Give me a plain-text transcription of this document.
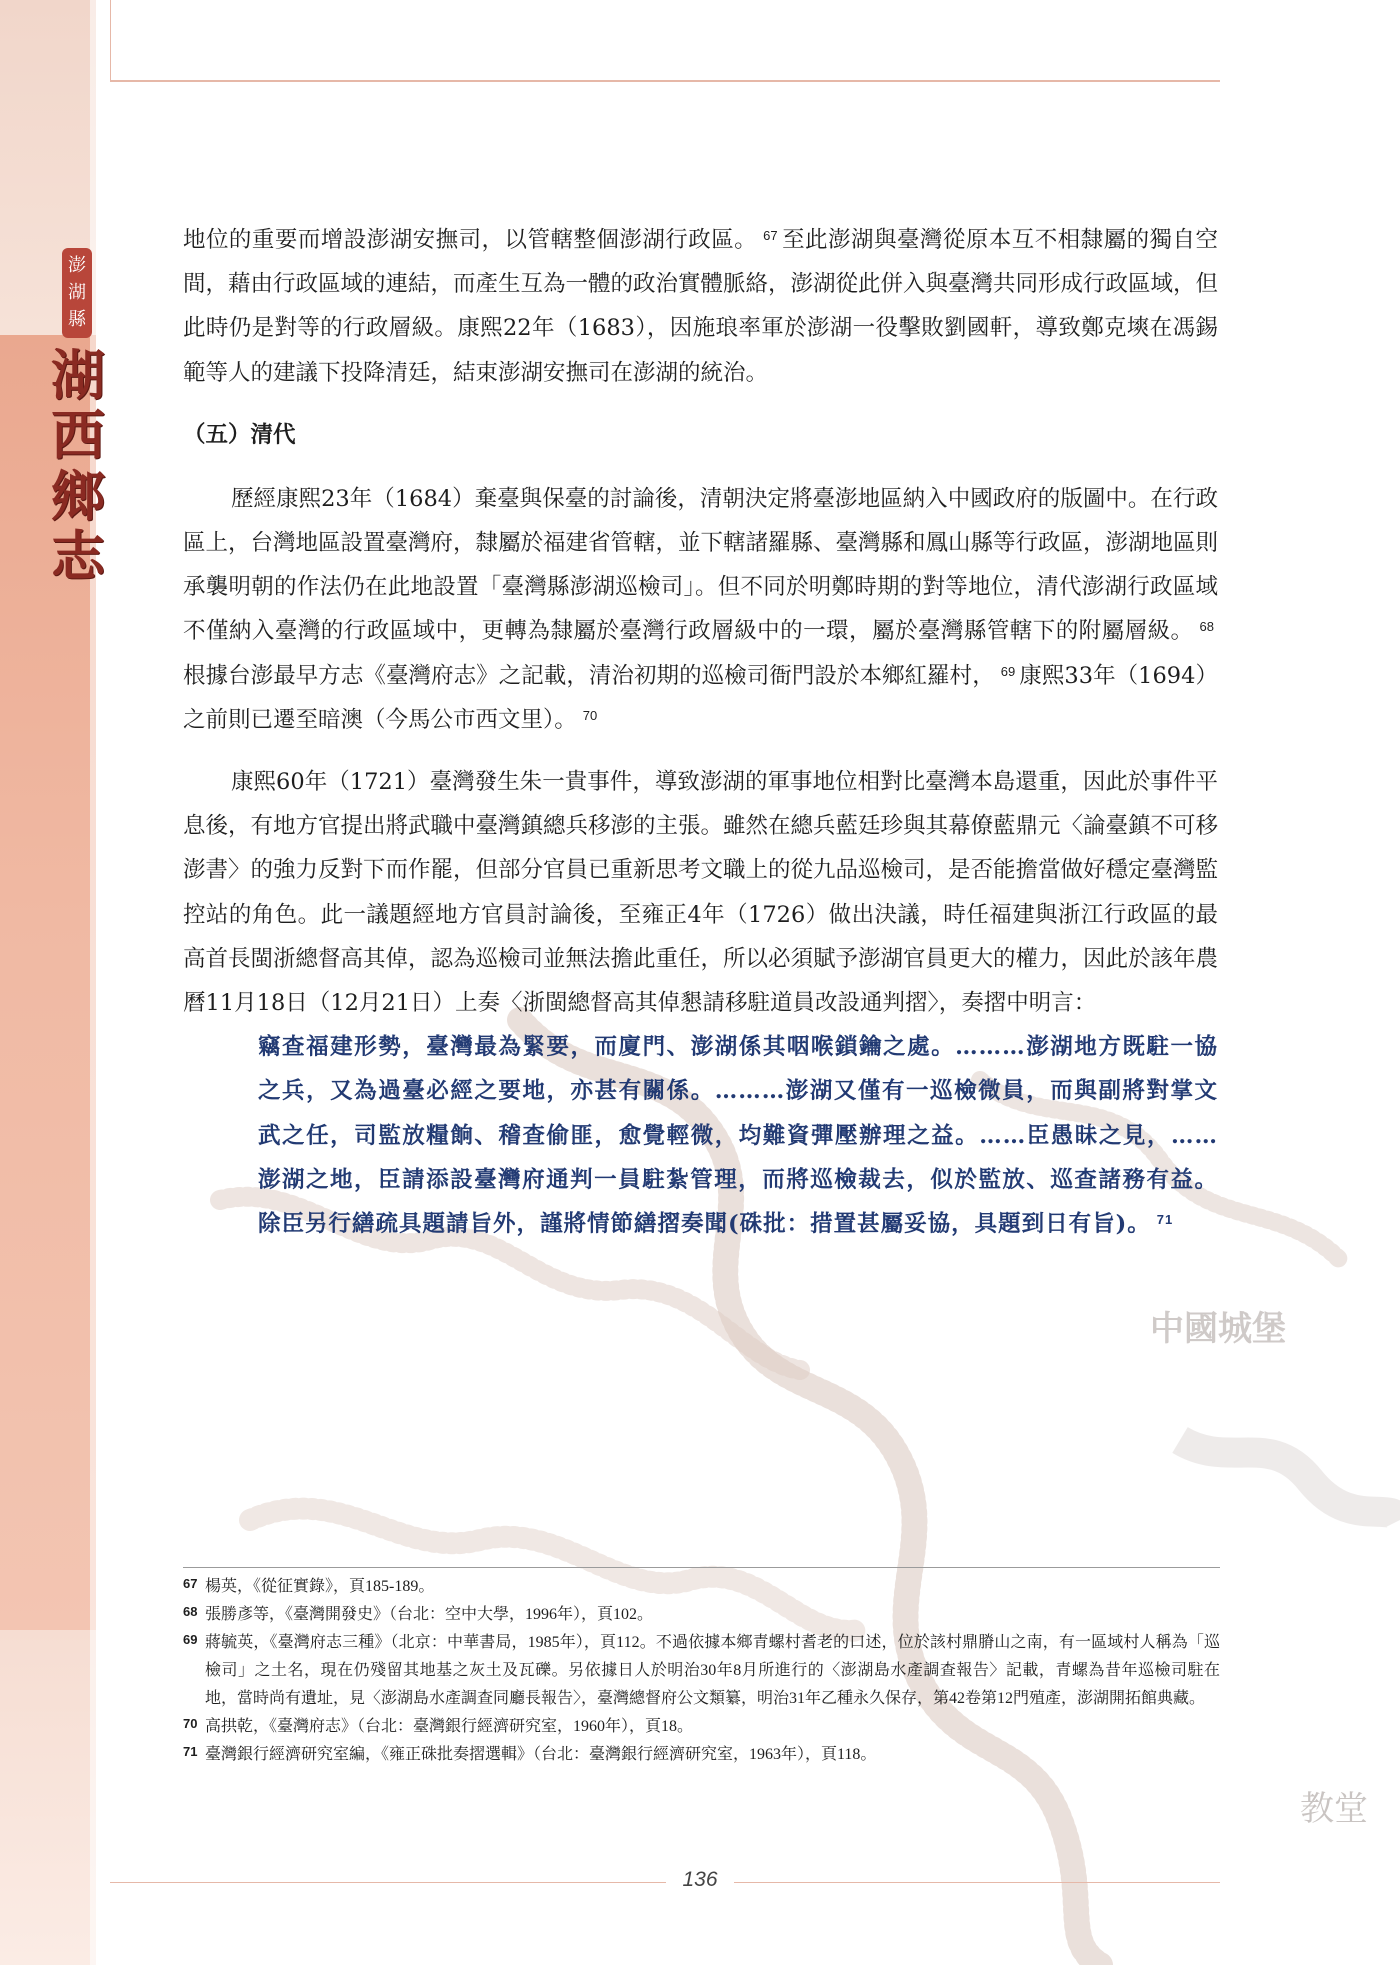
中國城堡
教堂
澎
湖
縣
湖
西
鄉
志

地位的重要而增設澎湖安撫司，以管轄整個澎湖行政區。 $^{67}$ 至此澎湖與臺灣從原本互不相隸屬的獨自空間，藉由行政區域的連結，而產生互為一體的政治實體脈絡，澎湖從此併入與臺灣共同形成行政區域，但此時仍是對等的行政層級。康熙22年（1683），因施琅率軍於澎湖一役擊敗劉國軒，導致鄭克塽在馮錫範等人的建議下投降清廷，結束澎湖安撫司在澎湖的統治。

（五）清代

歷經康熙23年（1684）棄臺與保臺的討論後，清朝決定將臺澎地區納入中國政府的版圖中。在行政區上，台灣地區設置臺灣府，隸屬於福建省管轄，並下轄諸羅縣、臺灣縣和鳳山縣等行政區，澎湖地區則承襲明朝的作法仍在此地設置「臺灣縣澎湖巡檢司」。但不同於明鄭時期的對等地位，清代澎湖行政區域不僅納入臺灣的行政區域中，更轉為隸屬於臺灣行政層級中的一環，屬於臺灣縣管轄下的附屬層級。 $^{68}$根據台澎最早方志《臺灣府志》之記載，清治初期的巡檢司衙門設於本鄉紅羅村， $^{69}$ 康熙33年（1694）之前則已遷至暗澳（今馬公市西文里）。 $^{70}$

康熙60年（1721）臺灣發生朱一貴事件，導致澎湖的軍事地位相對比臺灣本島還重，因此於事件平息後，有地方官提出將武職中臺灣鎮總兵移澎的主張。雖然在總兵藍廷珍與其幕僚藍鼎元〈論臺鎮不可移澎書〉的強力反對下而作罷，但部分官員已重新思考文職上的從九品巡檢司，是否能擔當做好穩定臺灣監控站的角色。此一議題經地方官員討論後，至雍正4年（1726）做出決議，時任福建與浙江行政區的最高首長閩浙總督高其倬，認為巡檢司並無法擔此重任，所以必須賦予澎湖官員更大的權力，因此於該年農曆11月18日（12月21日）上奏〈浙閩總督高其倬懇請移駐道員改設通判摺〉，奏摺中明言：

竊查福建形勢，臺灣最為緊要，而廈門、澎湖係其咽喉鎖鑰之處。………澎湖地方既駐一協之兵，又為過臺必經之要地，亦甚有關係。………澎湖又僅有一巡檢微員，而與副將對掌文武之任，司監放糧餉、稽查偷匪，愈覺輕微，均難資彈壓辦理之益。……臣愚昧之見，……澎湖之地，臣請添設臺灣府通判一員駐紮管理，而將巡檢裁去，似於監放、巡查諸務有益。除臣另行繕疏具題請旨外，謹將情節繕摺奏聞(硃批：措置甚屬妥協，具題到日有旨)。 $^{71}$

67 楊英，《從征實錄》，頁185-189。
68 張勝彥等，《臺灣開發史》（台北：空中大學，1996年），頁102。
69 蔣毓英，《臺灣府志三種》（北京：中華書局，1985年），頁112。不過依據本鄉青螺村耆老的口述，位於該村鼎膌山之南，有一區域村人稱為「巡檢司」之土名，現在仍殘留其地基之灰土及瓦礫。另依據日人於明治30年8月所進行的〈澎湖島水產調查報告〉記載，青螺為昔年巡檢司駐在地，當時尚有遺址，見〈澎湖島水產調查同廳長報告〉，臺灣總督府公文類纂，明治31年乙種永久保存，第42卷第12門殖產，澎湖開拓館典藏。
70 高拱乾，《臺灣府志》（台北：臺灣銀行經濟研究室，1960年），頁18。
71 臺灣銀行經濟研究室編，《雍正硃批奏摺選輯》（台北：臺灣銀行經濟研究室，1963年），頁118。
136
